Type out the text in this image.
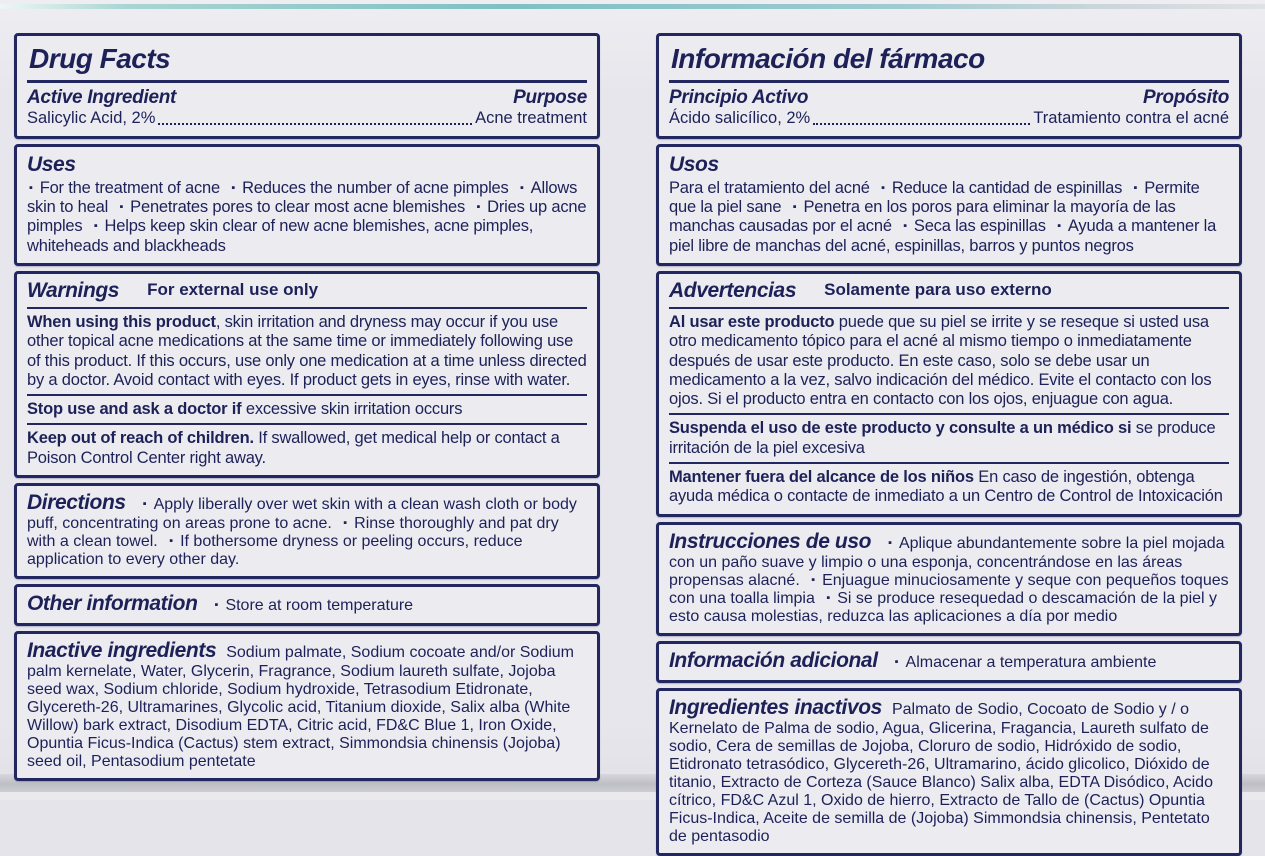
Drug Facts
Active Ingredient	Purpose
Salicylic Acid, 2%	Acne treatment
Uses

▪ For the treatment of acne ▪ Reduces the number of acne pimples ▪ Allows skin to heal ▪ Penetrates pores to clear most acne blemishes ▪ Dries up acne pimples ▪ Helps keep skin clear of new acne blemishes, acne pimples, whiteheads and blackheads

Warnings For external use only

When using this product, skin irritation and dryness may occur if you use other topical acne medications at the same time or immediately following use of this product. If this occurs, use only one medication at a time unless directed by a doctor. Avoid contact with eyes. If product gets in eyes, rinse with water.

Stop use and ask a doctor if excessive skin irritation occurs

Keep out of reach of children. If swallowed, get medical help or contact a Poison Control Center right away.

Directions ▪ Apply liberally over wet skin with a clean wash cloth or body puff, concentrating on areas prone to acne. ▪ Rinse thoroughly and pat dry with a clean towel. ▪ If bothersome dryness or peeling occurs, reduce application to every other day.

Other information ▪ Store at room temperature

Inactive ingredients Sodium palmate, Sodium cocoate and/or Sodium palm kernelate, Water, Glycerin, Fragrance, Sodium laureth sulfate, Jojoba seed wax, Sodium chloride, Sodium hydroxide, Tetrasodium Etidronate, Glycereth-26, Ultramarines, Glycolic acid, Titanium dioxide, Salix alba (White Willow) bark extract, Disodium EDTA, Citric acid, FD&C Blue 1, Iron Oxide, Opuntia Ficus-Indica (Cactus) stem extract, Simmondsia chinensis (Jojoba) seed oil, Pentasodium pentetate

Información del fármaco
Principio Activo	Propósito
Ácido salicílico, 2%	Tratamiento contra el acné
Usos

Para el tratamiento del acné ▪ Reduce la cantidad de espinillas ▪ Permite que la piel sane ▪ Penetra en los poros para eliminar la mayoría de las manchas causadas por el acné ▪ Seca las espinillas ▪ Ayuda a mantener la piel libre de manchas del acné, espinillas, barros y puntos negros

Advertencias Solamente para uso externo

Al usar este producto puede que su piel se irrite y se reseque si usted usa otro medicamento tópico para el acné al mismo tiempo o inmediatamente después de usar este producto. En este caso, solo se debe usar un medicamento a la vez, salvo indicación del médico. Evite el contacto con los ojos. Si el producto entra en contacto con los ojos, enjuague con agua.

Suspenda el uso de este producto y consulte a un médico si se produce irritación de la piel excesiva

Mantener fuera del alcance de los niños En caso de ingestión, obtenga ayuda médica o contacte de inmediato a un Centro de Control de Intoxicación

Instrucciones de uso ▪ Aplique abundantemente sobre la piel mojada con un paño suave y limpio o una esponja, concentrándose en las áreas propensas alacné. ▪ Enjuague minuciosamente y seque con pequeños toques con una toalla limpia ▪ Si se produce resequedad o descamación de la piel y esto causa molestias, reduzca las aplicaciones a día por medio

Información adicional ▪ Almacenar a temperatura ambiente

Ingredientes inactivos Palmato de Sodio, Cocoato de Sodio y / o Kernelato de Palma de sodio, Agua, Glicerina, Fragancia, Laureth sulfato de sodio, Cera de semillas de Jojoba, Cloruro de sodio, Hidróxido de sodio, Etidronato tetrasódico, Glycereth-26, Ultramarino, ácido glicolico, Dióxido de titanio, Extracto de Corteza (Sauce Blanco) Salix alba, EDTA Disódico, Acido cítrico, FD&C Azul 1, Oxido de hierro, Extracto de Tallo de (Cactus) Opuntia Ficus-Indica, Aceite de semilla de (Jojoba) Simmondsia chinensis, Pentetato de pentasodio
